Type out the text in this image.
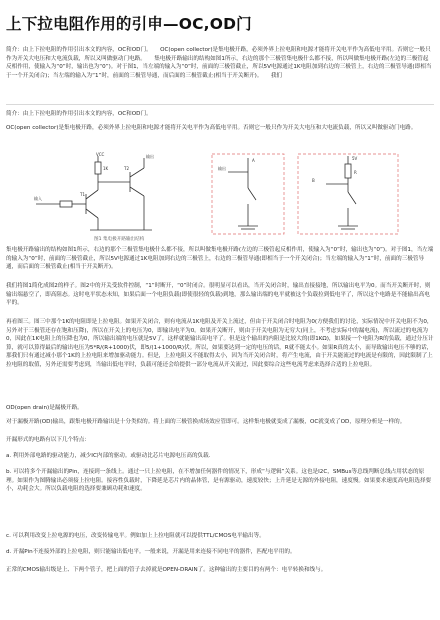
上下拉电阻作用的引申—OC,OD门

简介：由上下拉电阻的作用引出本文的内容，OC和OD门。　　OC(open collector)是集电极开路，必须外界上拉电阻和电源才能将开关电平作为高低电平用。否则它一般只作为开关大电压和大电流负载，所以又叫做驱动门电路。　　集电极开路输出的结构如图1所示，右边的那个三极管集电极什么都不接，所以叫做集电极开路(左边的三极管起反相作用，使输入为“0”时，输出也为“0”)。对于图1，当左端的输入为“0”时，前面的三极管截止，所以5V电源通过1K电阻加到右边的三极管上，右边的三极管导通(即相当于一个开关闭合)；当左端的输入为“1”时，前面的三极管导通，而后面的三极管截止(相当于开关断开)。　　我们

简介：由上下拉电阻的作用引出本文的内容，OC和OD门。

OC(open collector)是集电极开路，必须外界上拉电阻和电源才能将开关电平作为高低电平用。否则它一般只作为开关大电压和大电流负载，所以又叫做驱动门电路。

VCC
1K
输入
输出
T1
T2
A
输出
5V
R
B
图1 集电极开路输出结构

集电极开路输出的结构如图1所示，右边的那个三极管集电极什么都不接，所以叫做集电极开路(左边的三极管起反相作用，使输入为“0”时，输出也为“0”)。对于图1，当左端的输入为“0”时，前面的三极管截止，所以5V电源通过1K电阻加到右边的三极管上，右边的三极管导通(即相当于一个开关闭合)；当左端的输入为“1”时，前面的三极管导通，而后面的三极管截止(相当于开关断开)。

我们将图1简化成图2的样子。图2中的开关受软件控制，“1”时断开，“0”时闭合。很明显可以看出，当开关闭合时，输出直接接地，所以输出电平为0。而当开关断开时，则输出端悬空了，即高阻态。这时电平状态未知，如果后面一个电阻负载(即使很轻的负载)到地，那么输出端的电平就被这个负载拉到低电平了，所以这个电路是不能输出高电平的。

再看图三。图三中那个1K的电阻即是上拉电阻。如果开关闭合，则有电流从1K电阻及开关上流过，但由于开关闭合时电阻为0(方便我们的讨论，实际情况中开关电阻不为0，另外对于三极管还存在饱和压降)，所以在开关上的电压为0，即输出电平为0。如果开关断开，则由于开关电阻为无穷大(同上，不考虑实际中的漏电流)，所以流过的电流为0，因此在1K电阻上的压降也为0，所以输出端的电压就是5V了，这样就能输出高电平了。但是这个输出的内阻是比较大的(即1KΩ)，如果接一个电阻为R的负载，通过分压计算，就可以算得最后的输出电压为5*R/(R+1000)伏，即5/(1+1000/R)伏。所以，如果要达到一定的电压的话，R就不能太小。如果R真的太小，而导致输出电压不够的话，那我们只有通过减小那个1K的上拉电阻来增加驱动能力。但是，上拉电阻又不能取得太小，因为当开关闭合时，将产生电流，由于开关能流过的电流是有限的，因此限制了上拉电阻的取值，另外还需要考虑到，当输出低电平时，负载可能还会给提供一部分电流从开关流过，因此要综合这些电流考虑来选择合适的上拉电阻。

OD(open drain)是漏极开路。

对于漏极开路(OD)输出，跟集电极开路输出是十分类似的。将上面的三极管换成场效应管即可。这样集电极就变成了漏极，OC就变成了OD，原理分析是一样的。

开漏形式的电路有以下几个特点：

a. 利用外部电路的驱动能力，减少IC内部的驱动。或驱动比芯片电源电压高的负载.

b. 可以将多个开漏输出的Pin，连接到一条线上。通过一只上拉电阻，在不增加任何器件的情况下，形成“与逻辑”关系。这也是I2C，SMBus等总线判断总线占用状态的原理。如果作为图腾输出必须接上拉电阻。接容性负载时，下降延是芯片内的晶体管，是有源驱动，速度较快；上升延是无源的外接电阻，速度慢。如果要求速度高电阻选择要小，功耗会大。所以负载电阻的选择要兼顾功耗和速度。

c. 可以利用改变上拉电源的电压，改变传输电平。例如加上上拉电阻就可以提供TTL/CMOS电平输出等。

d. 开漏Pin不连接外部的上拉电阻，则只能输出低电平。一般来说，开漏是用来连接不同电平的器件，匹配电平用的。

正常的CMOS输出级是上、下两个管子，把上面的管子去掉就是OPEN-DRAIN了。这种输出的主要目的有两个：电平转换和线与。
